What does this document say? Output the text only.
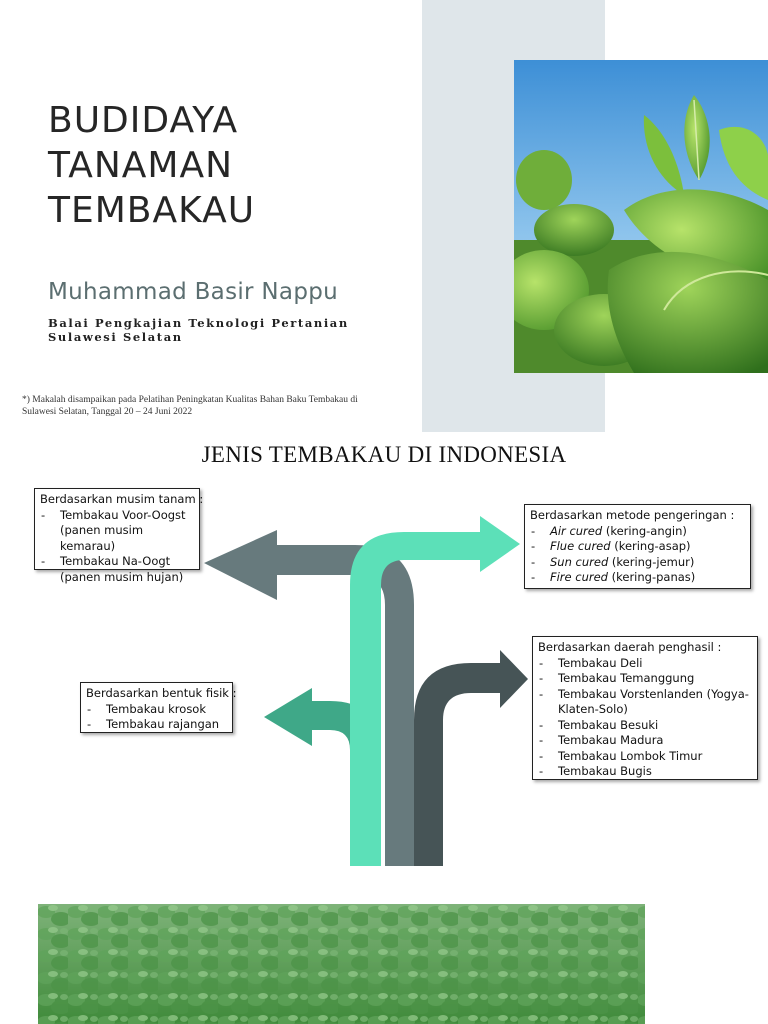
BUDIDAYA
TANAMAN
TEMBAKAU
Muhammad Basir Nappu
Balai Pengkajian Teknologi Pertanian
Sulawesi Selatan
*) Makalah disampaikan pada Pelatihan Peningkatan Kualitas Bahan Baku Tembakau di Sulawesi Selatan, Tanggal 20 – 24 Juni 2022
JENIS TEMBAKAU DI INDONESIA
Berdasarkan musim tanam :
- Tembakau Voor-Oogst
(panen musim kemarau)
- Tembakau Na-Oogt
(panen musim hujan)
Berdasarkan metode pengeringan :
- Air cured (kering-angin)
- Flue cured (kering-asap)
- Sun cured (kering-jemur)
- Fire cured (kering-panas)
Berdasarkan daerah penghasil :
- Tembakau Deli
- Tembakau Temanggung
- Tembakau Vorstenlanden (Yogya-Klaten-Solo)
- Tembakau Besuki
- Tembakau Madura
- Tembakau Lombok Timur
- Tembakau Bugis
Berdasarkan bentuk fisik :
- Tembakau krosok
- Tembakau rajangan
